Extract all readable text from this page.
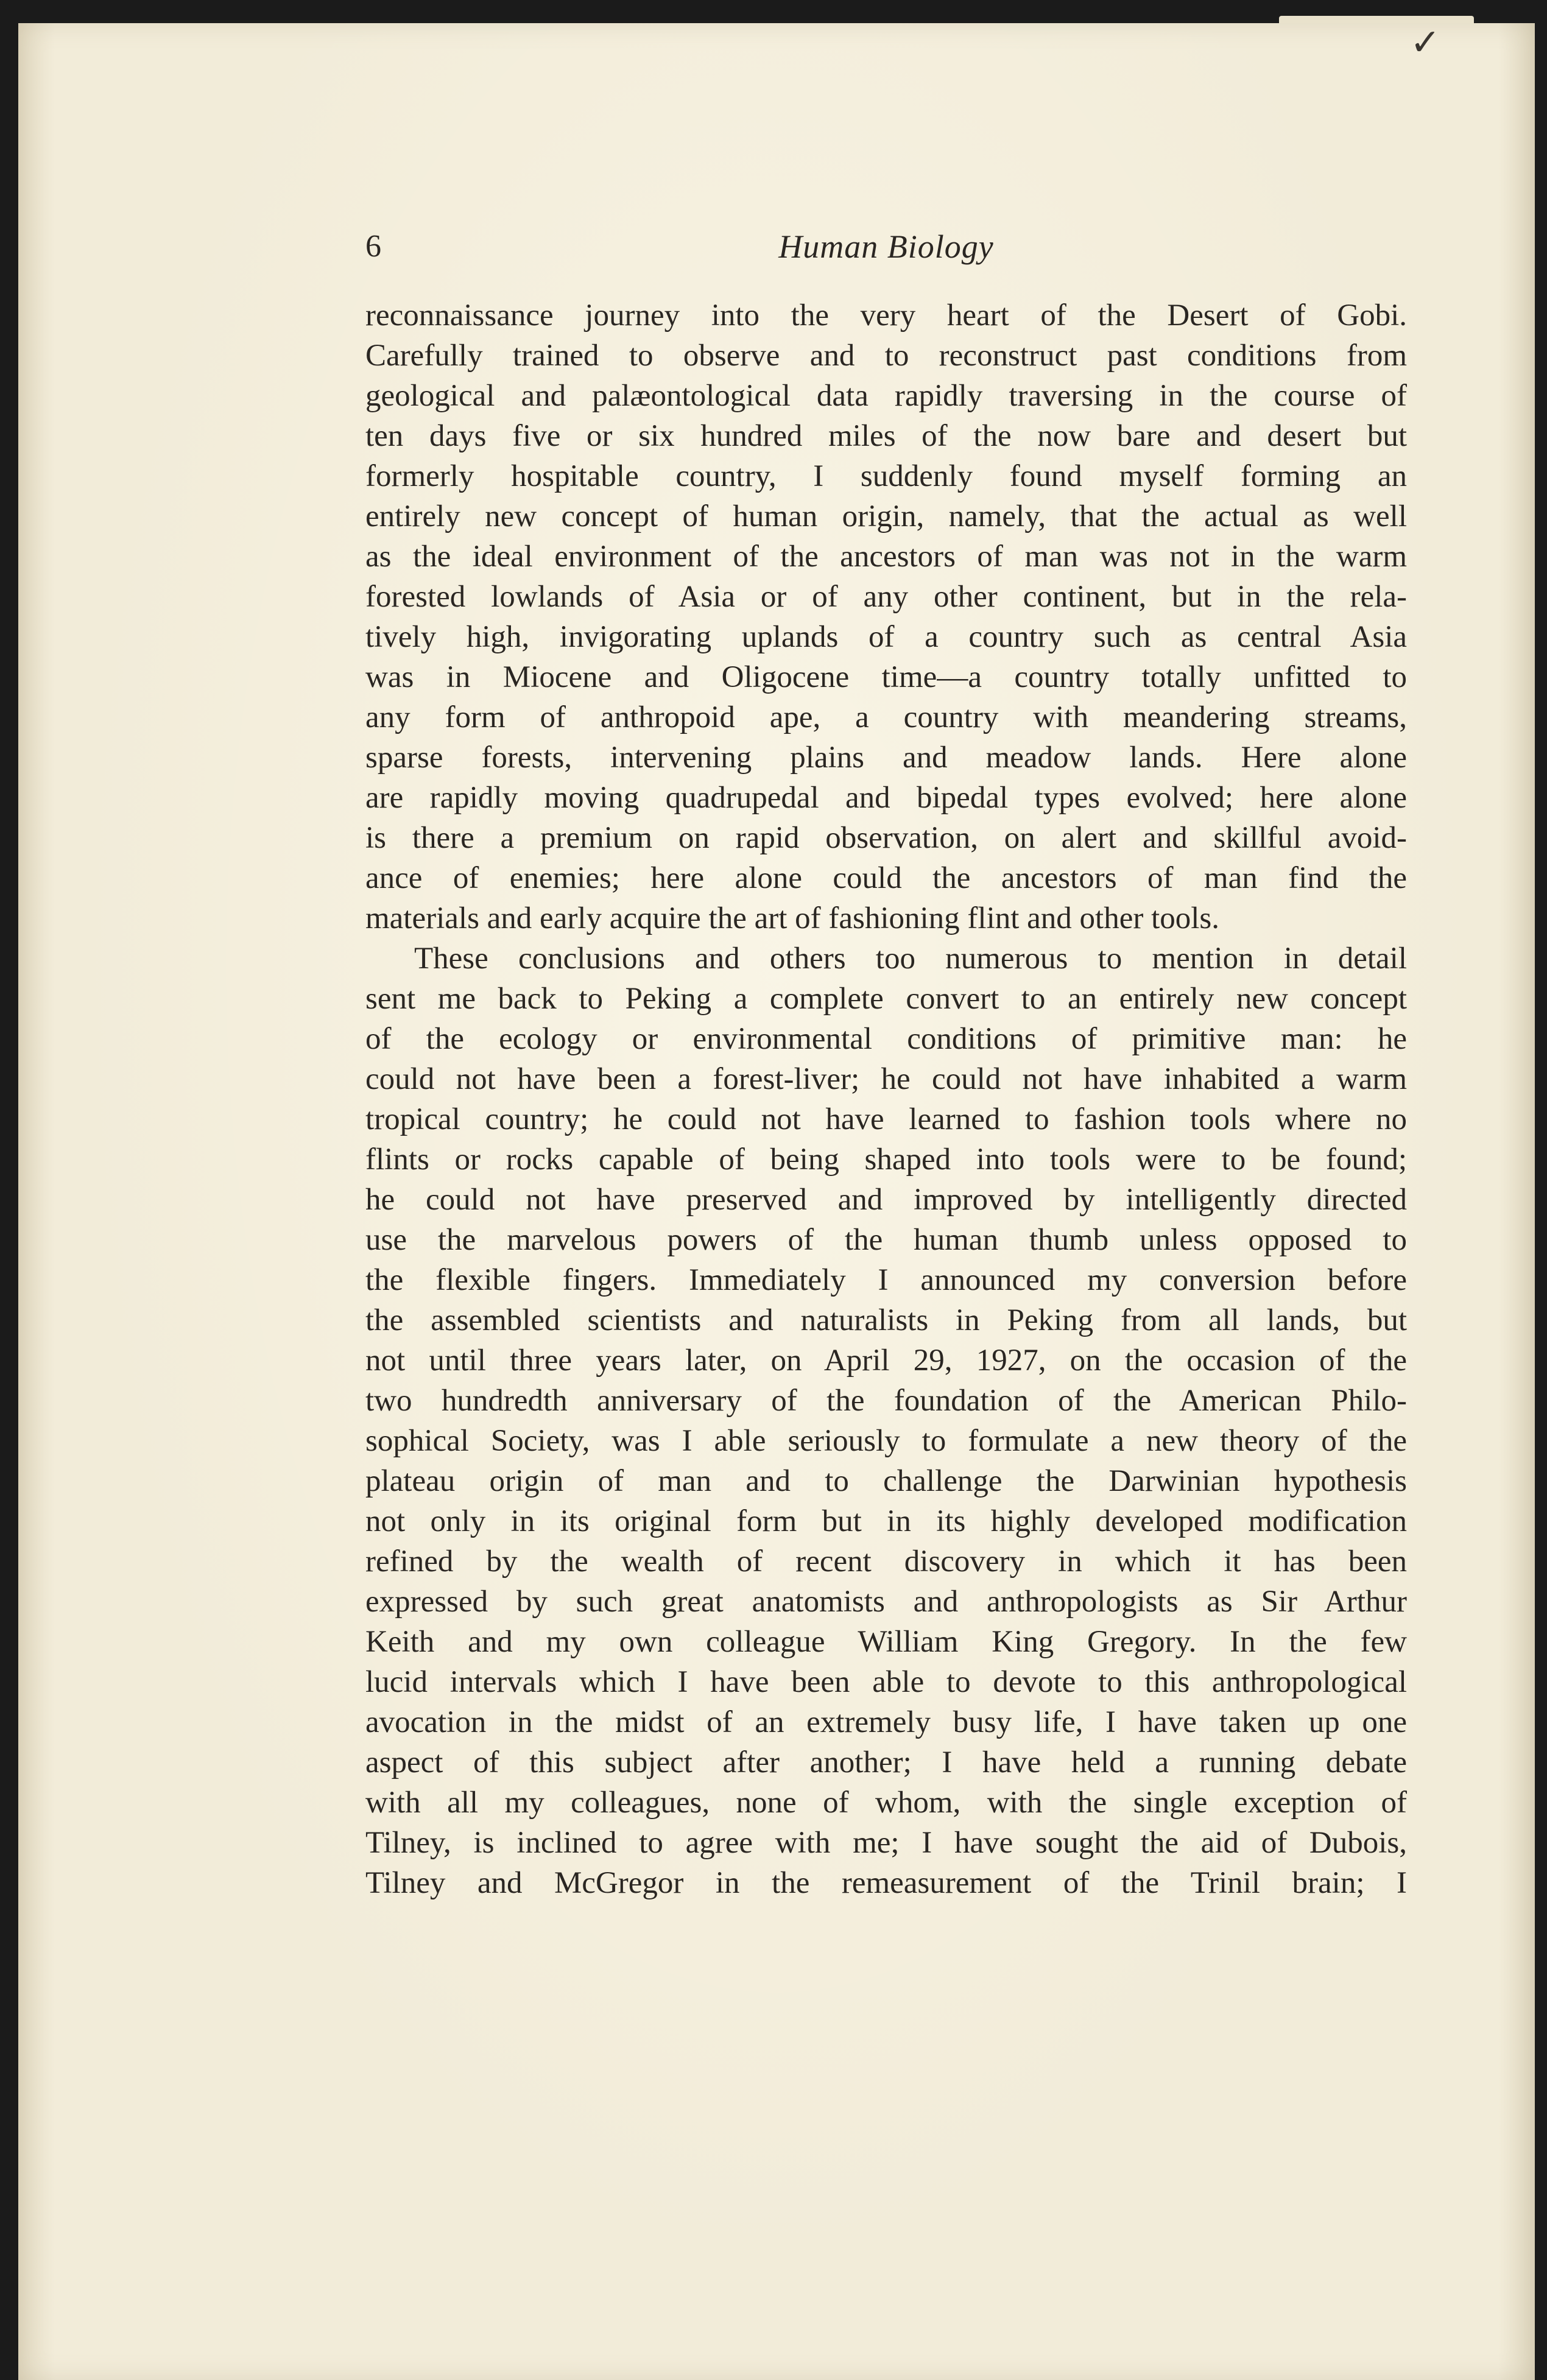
✓
6	Human Biology
reconnaissance journey into the very heart of the Desert of Gobi.
Carefully trained to observe and to reconstruct past conditions from
geological and palæontological data rapidly traversing in the course of
ten days five or six hundred miles of the now bare and desert but
formerly hospitable country, I suddenly found myself forming an
entirely new concept of human origin, namely, that the actual as well
as the ideal environment of the ancestors of man was not in the warm
forested lowlands of Asia or of any other continent, but in the rela-
tively high, invigorating uplands of a country such as central Asia
was in Miocene and Oligocene time—a country totally unfitted to
any form of anthropoid ape, a country with meandering streams,
sparse forests, intervening plains and meadow lands. Here alone
are rapidly moving quadrupedal and bipedal types evolved; here alone
is there a premium on rapid observation, on alert and skillful avoid-
ance of enemies; here alone could the ancestors of man find the
materials and early acquire the art of fashioning flint and other tools.
These conclusions and others too numerous to mention in detail
sent me back to Peking a complete convert to an entirely new concept
of the ecology or environmental conditions of primitive man: he
could not have been a forest-liver; he could not have inhabited a warm
tropical country; he could not have learned to fashion tools where no
flints or rocks capable of being shaped into tools were to be found;
he could not have preserved and improved by intelligently directed
use the marvelous powers of the human thumb unless opposed to
the flexible fingers. Immediately I announced my conversion before
the assembled scientists and naturalists in Peking from all lands, but
not until three years later, on April 29, 1927, on the occasion of the
two hundredth anniversary of the foundation of the American Philo-
sophical Society, was I able seriously to formulate a new theory of the
plateau origin of man and to challenge the Darwinian hypothesis
not only in its original form but in its highly developed modification
refined by the wealth of recent discovery in which it has been
expressed by such great anatomists and anthropologists as Sir Arthur
Keith and my own colleague William King Gregory. In the few
lucid intervals which I have been able to devote to this anthropological
avocation in the midst of an extremely busy life, I have taken up one
aspect of this subject after another; I have held a running debate
with all my colleagues, none of whom, with the single exception of
Tilney, is inclined to agree with me; I have sought the aid of Dubois,
Tilney and McGregor in the remeasurement of the Trinil brain; I
